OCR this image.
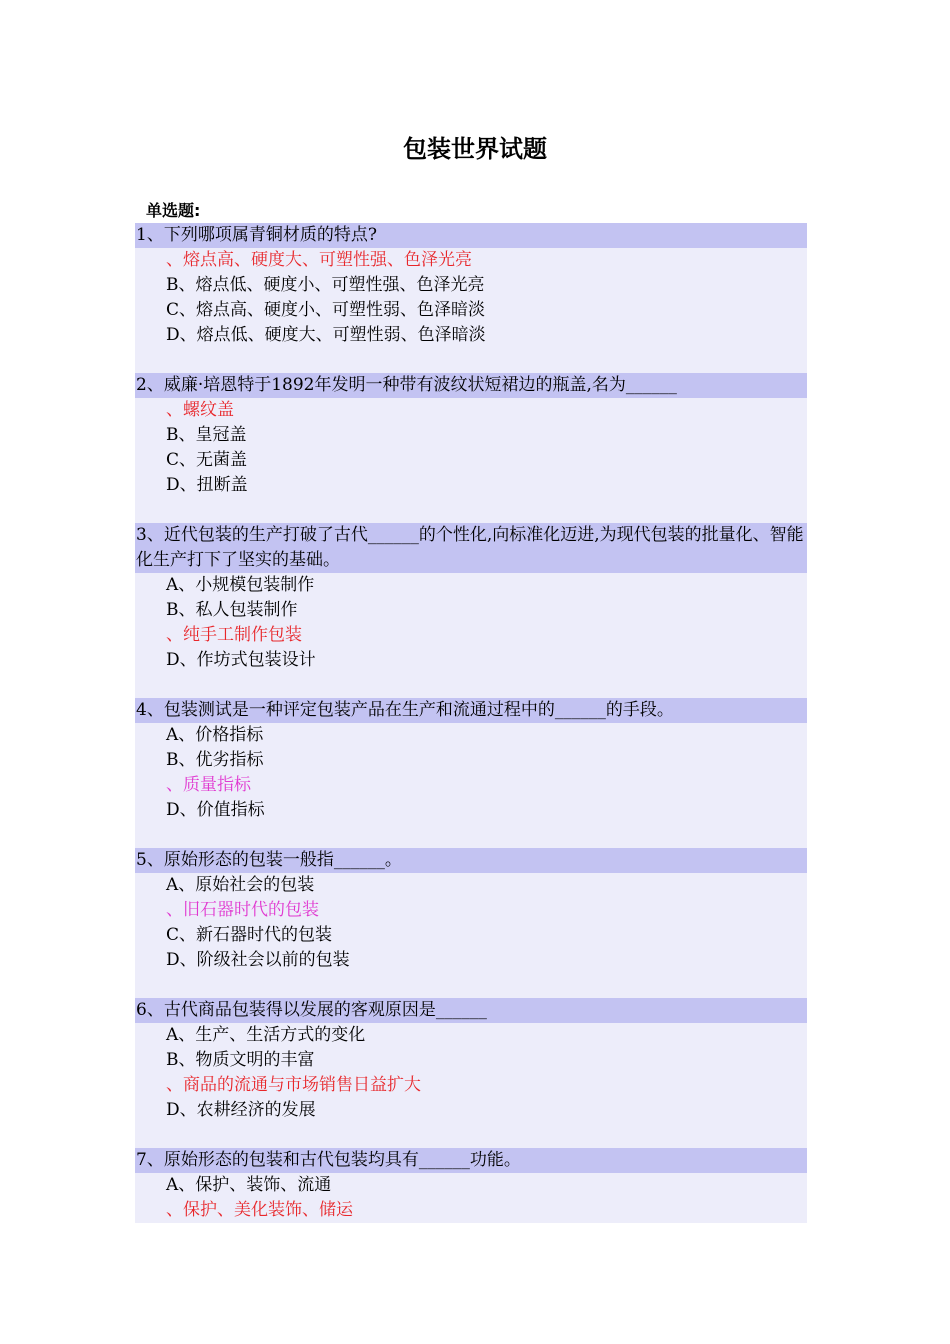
包装世界试题
单选题:
1、下列哪项属青铜材质的特点?
、熔点高、硬度大、可塑性强、色泽光亮
B、熔点低、硬度小、可塑性强、色泽光亮
C、熔点高、硬度小、可塑性弱、色泽暗淡
D、熔点低、硬度大、可塑性弱、色泽暗淡
2、威廉·培恩特于1892年发明一种带有波纹状短裙边的瓶盖,名为______
、螺纹盖
B、皇冠盖
C、无菌盖
D、扭断盖
3、近代包装的生产打破了古代______的个性化,向标准化迈进,为现代包装的批量化、智能化生产打下了坚实的基础。
A、小规模包装制作
B、私人包装制作
、纯手工制作包装
D、作坊式包装设计
4、包装测试是一种评定包装产品在生产和流通过程中的______的手段。
A、价格指标
B、优劣指标
、质量指标
D、价值指标
5、原始形态的包装一般指______。
A、原始社会的包装
、旧石器时代的包装
C、新石器时代的包装
D、阶级社会以前的包装
6、古代商品包装得以发展的客观原因是______
A、生产、生活方式的变化
B、物质文明的丰富
、商品的流通与市场销售日益扩大
D、农耕经济的发展
7、原始形态的包装和古代包装均具有______功能。
A、保护、装饰、流通
、保护、美化装饰、储运
